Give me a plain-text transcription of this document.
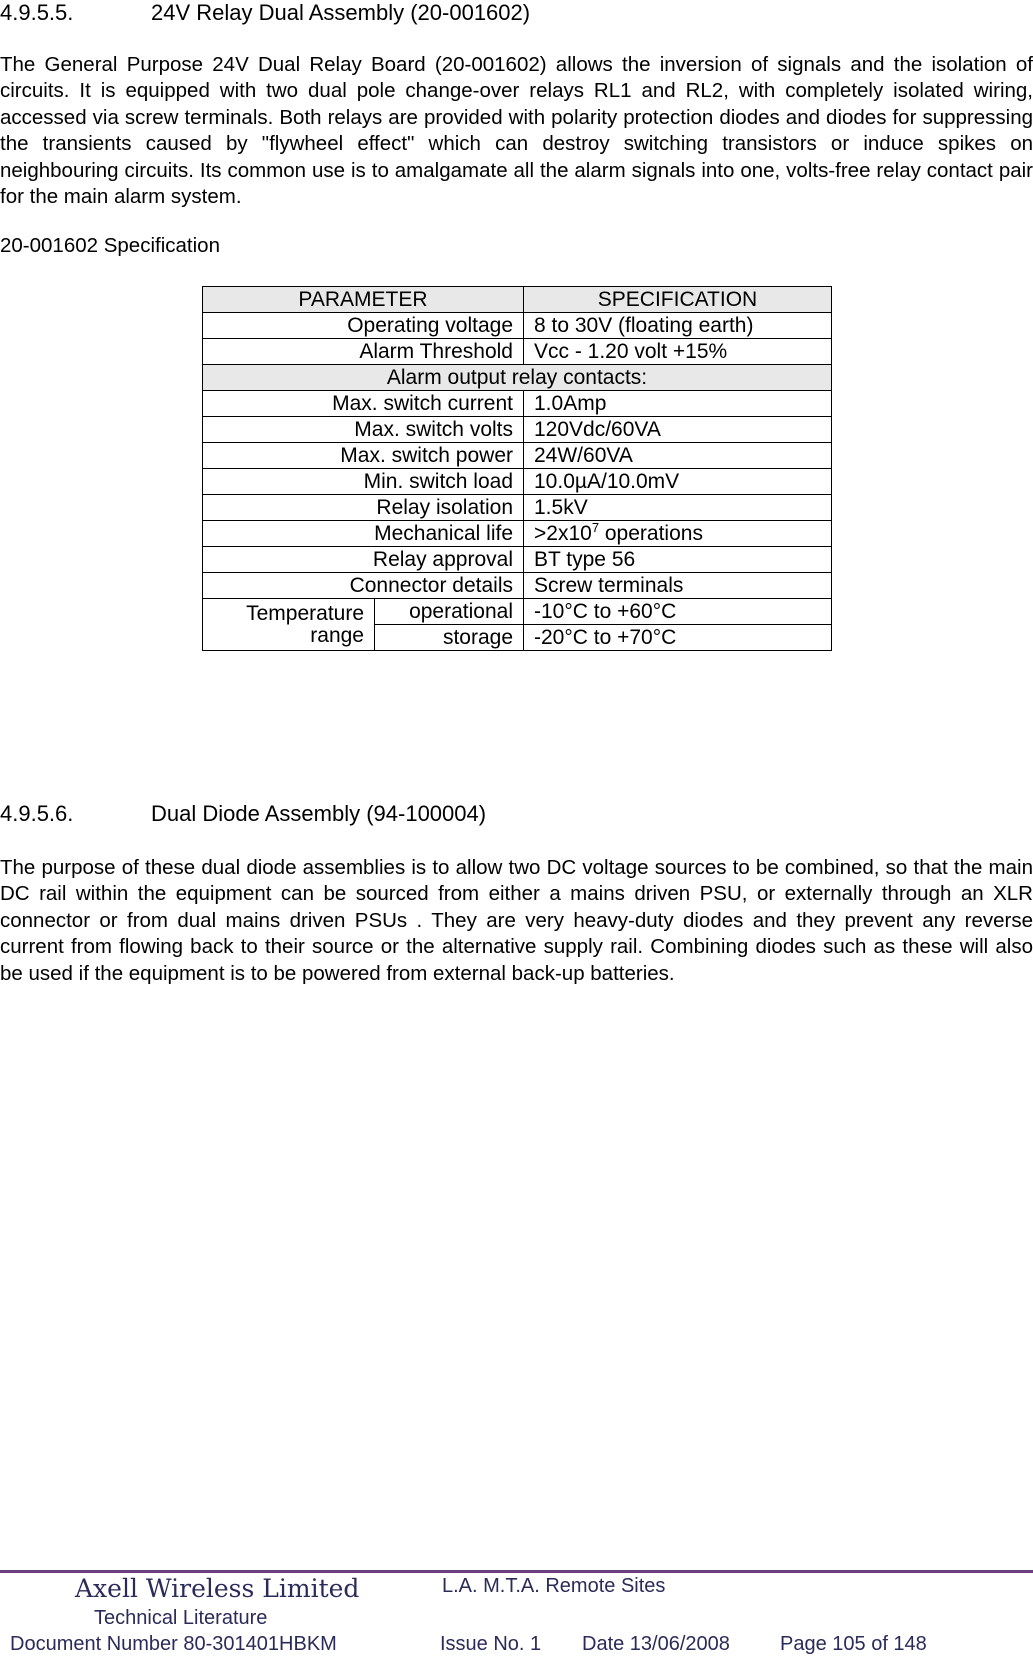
4.9.5.5.	24V Relay Dual Assembly (20-001602)

The General Purpose 24V Dual Relay Board (20-001602) allows the inversion of signals and the isolation of circuits. It is equipped with two dual pole change-over relays RL1 and RL2, with completely isolated wiring, accessed via screw terminals. Both relays are provided with polarity protection diodes and diodes for suppressing the transients caused by "flywheel effect" which can destroy switching transistors or induce spikes on neighbouring circuits. Its common use is to amalgamate all the alarm signals into one, volts-free relay contact pair for the main alarm system.

20-001602 Specification
PARAMETER		SPECIFICATION
Operating voltage		8 to 30V (floating earth)
Alarm Threshold		Vcc - 1.20 volt +15%
Alarm output relay contacts:		
Max. switch current		1.0Amp
Max. switch volts		120Vdc/60VA
Max. switch power		24W/60VA
Min. switch load		10.0µA/10.0mV
Relay isolation		1.5kV
Mechanical life		$>2x10^7$ operations
Relay approval		BT type 56
Connector details		Screw terminals
Temperature
range	operational	-10°C to +60°C
	storage	-20°C to +70°C
4.9.5.6.	Dual Diode Assembly (94-100004)

The purpose of these dual diode assemblies is to allow two DC voltage sources to be combined, so that the main DC rail within the equipment can be sourced from either a mains driven PSU, or externally through an XLR connector or from dual mains driven PSUs . They are very heavy-duty diodes and they prevent any reverse current from flowing back to their source or the alternative supply rail. Combining diodes such as these will also be used if the equipment is to be powered from external back-up batteries.

Axell Wireless Limited
Technical Literature
L.A. M.T.A. Remote Sites
Document Number 80-301401HBKM	Issue No. 1 Date 13/06/2008	Page 105 of 148
